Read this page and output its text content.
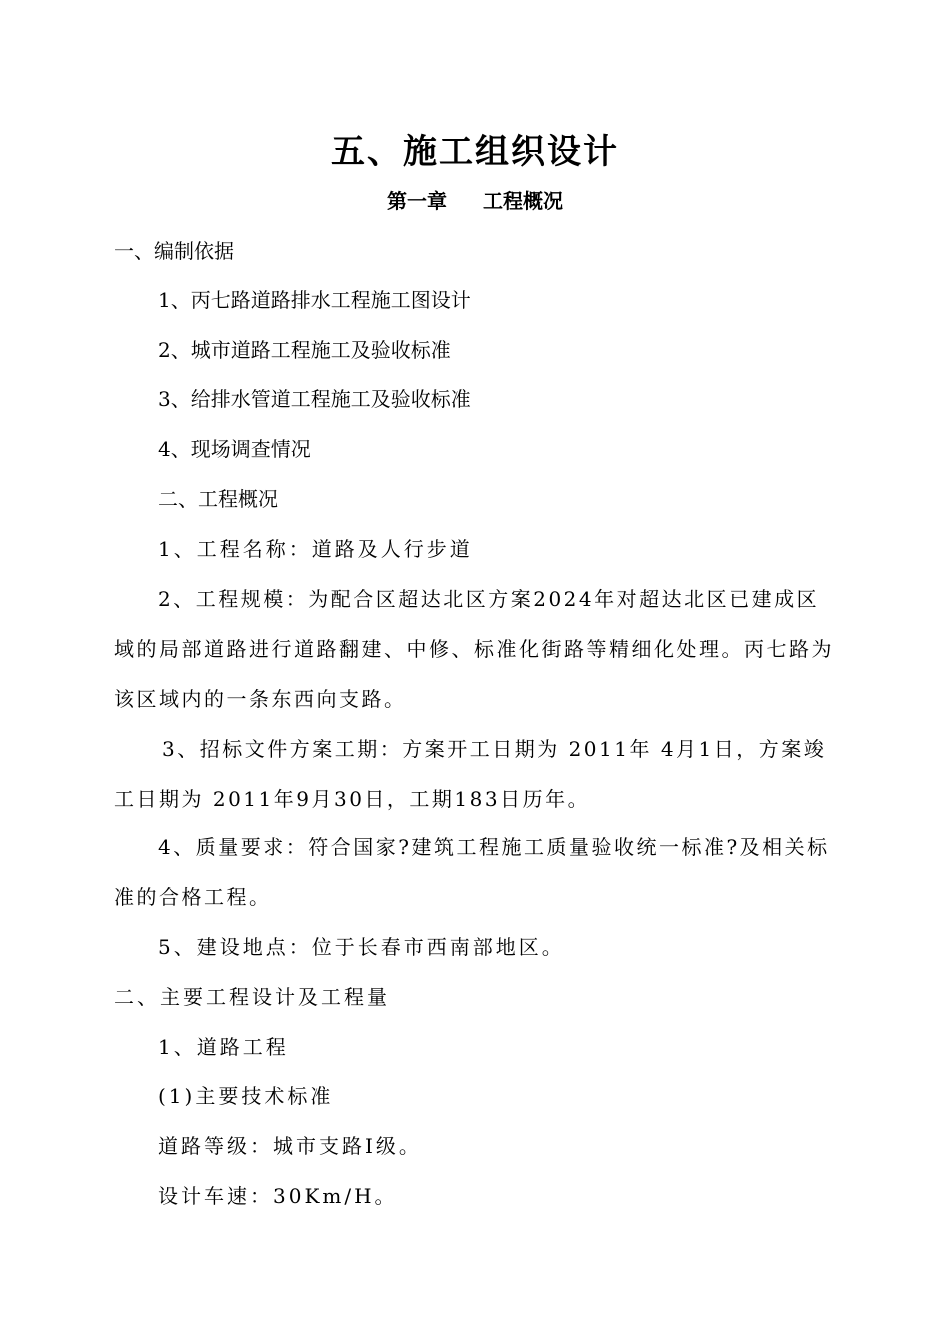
五、施工组织设计
第一章 工程概况
一、编制依据
1、丙七路道路排水工程施工图设计
2、城市道路工程施工及验收标准
3、给排水管道工程施工及验收标准
4、现场调查情况
二、工程概况
1、工程名称：道路及人行步道
2、工程规模：为配合区超达北区方案2024年对超达北区已建成区域的局部道路进行道路翻建、中修、标准化街路等精细化处理。丙七路为该区域内的一条东西向支路。
3、招标文件方案工期：方案开工日期为 2011年 4月1日，方案竣工日期为 2011年9月30日，工期183日历年。
4、质量要求：符合国家?建筑工程施工质量验收统一标准?及相关标准的合格工程。
5、建设地点：位于长春市西南部地区。
二、主要工程设计及工程量
1、道路工程
(1)主要技术标准
道路等级：城市支路Ⅰ级。
设计车速：30Km/H。
